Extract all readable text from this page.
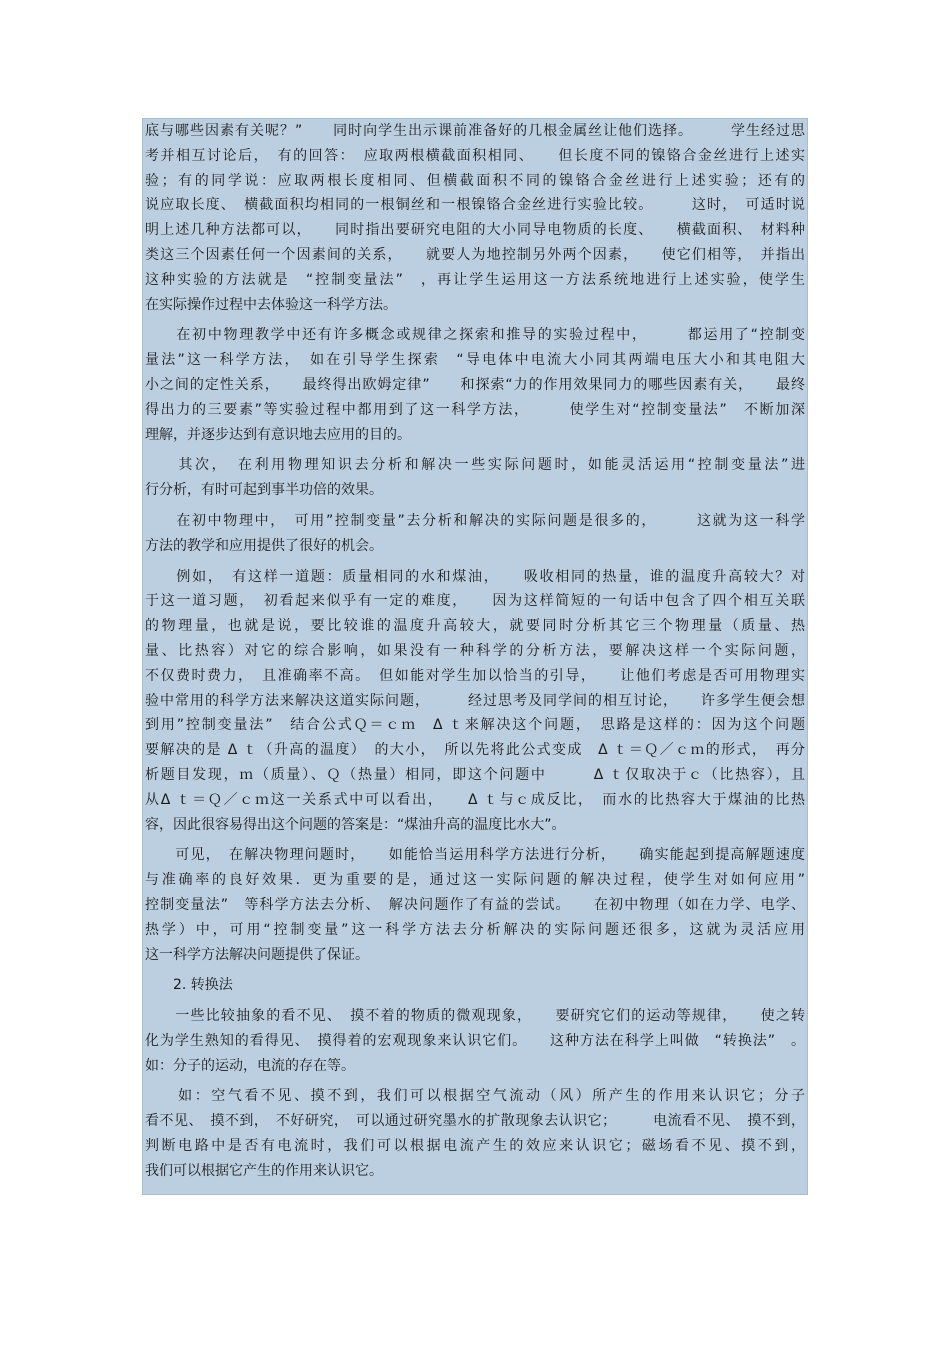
底与哪些因素有关呢？”　　同时向学生出示课前准备好的几根金属丝让他们选择。　　　学生经过思
考并相互讨论后，　有的回答：　应取两根横截面积相同、　　但长度不同的镍铬合金丝进行上述实
验；有的同学说：应取两根长度相同、但横截面积不同的镍铬合金丝进行上述实验；还有的
说应取长度、　横截面积均相同的一根铜丝和一根镍铬合金丝进行实验比较。　　　这时，　可适时说
明上述几种方法都可以，　　同时指出要研究电阻的大小同导电物质的长度、　　横截面积、　材料种
类这三个因素任何一个因素间的关系，　　就要人为地控制另外两个因素，　　使它们相等，　并指出
这种实验的方法就是　“控制变量法”　，再让学生运用这一方法系统地进行上述实验，使学生
在实际操作过程中去体验这一科学方法。
　　在初中物理教学中还有许多概念或规律之探索和推导的实验过程中，　　　都运用了“控制变
量法”这一科学方法，　如在引导学生探索　“导电体中电流大小同其两端电压大小和其电阻大
小之间的定性关系，　　最终得出欧姆定律”　　和探索“力的作用效果同力的哪些因素有关，　　最终
得出力的三要素”等实验过程中都用到了这一科学方法，　　　使学生对“控制变量法”　不断加深
理解，并逐步达到有意识地去应用的目的。
　　其次，　在利用物理知识去分析和解决一些实际问题时，如能灵活运用“控制变量法”进
行分析，有时可起到事半功倍的效果。
　　在初中物理中，　可用”控制变量”去分析和解决的实际问题是很多的，　　　这就为这一科学
方法的教学和应用提供了很好的机会。
　　例如，　有这样一道题：质量相同的水和煤油，　　吸收相同的热量，谁的温度升高较大？对
于这一道习题，　初看起来似乎有一定的难度，　　因为这样简短的一句话中包含了四个相互关联
的物理量，也就是说，要比较谁的温度升高较大，就要同时分析其它三个物理量（质量、热
量、比热容）对它的综合影响，如果没有一种科学的分析方法，要解决这样一个实际问题，
不仅费时费力，　且准确率不高。　但如能对学生加以恰当的引导，　　让他们考虑是否可用物理实
验中常用的科学方法来解决这道实际问题，　　　经过思考及同学间的相互讨论，　　许多学生便会想
到用”控制变量法”　结合公式Ｑ＝ｃｍ　Δ ｔ来解决这个问题，　思路是这样的：因为这个问题
要解决的是 Δ ｔ（升高的温度）　的大小，　所以先将此公式变成　Δ ｔ＝Ｑ／ｃｍ的形式，　再分
析题目发现，ｍ（质量）、Ｑ（热量）相同，即这个问题中　　　Δ ｔ仅取决于ｃ（比热容），且
从Δ ｔ＝Ｑ／ｃｍ这一关系式中可以看出，　　Δ ｔ与ｃ成反比，　而水的比热容大于煤油的比热
容，因此很容易得出这个问题的答案是：“煤油升高的温度比水大”。
　　可见，　在解决物理问题时，　　如能恰当运用科学方法进行分析，　　确实能起到提高解题速度
与准确率的良好效果．更为重要的是，通过这一实际问题的解决过程，使学生对如何应用”
控制变量法”　等科学方法去分析、　解决问题作了有益的尝试。　　在初中物理（如在力学、电学、
热学）中，可用“控制变量”这一科学方法去分析解决的实际问题还很多，这就为灵活应用
这一科学方法解决问题提供了保证。
　　2. 转换法
　　一些比较抽象的看不见、　摸不着的物质的微观现象，　　要研究它们的运动等规律，　　使之转
化为学生熟知的看得见、　摸得着的宏观现象来认识它们。　　这种方法在科学上叫做　“转换法”　。
如：分子的运动，电流的存在等。
　　如：空气看不见、摸不到，我们可以根据空气流动（风）所产生的作用来认识它；分子
看不见、　摸不到，　不好研究，　可以通过研究墨水的扩散现象去认识它；　　　电流看不见、　摸不到，
判断电路中是否有电流时，我们可以根据电流产生的效应来认识它；磁场看不见、摸不到，
我们可以根据它产生的作用来认识它。
